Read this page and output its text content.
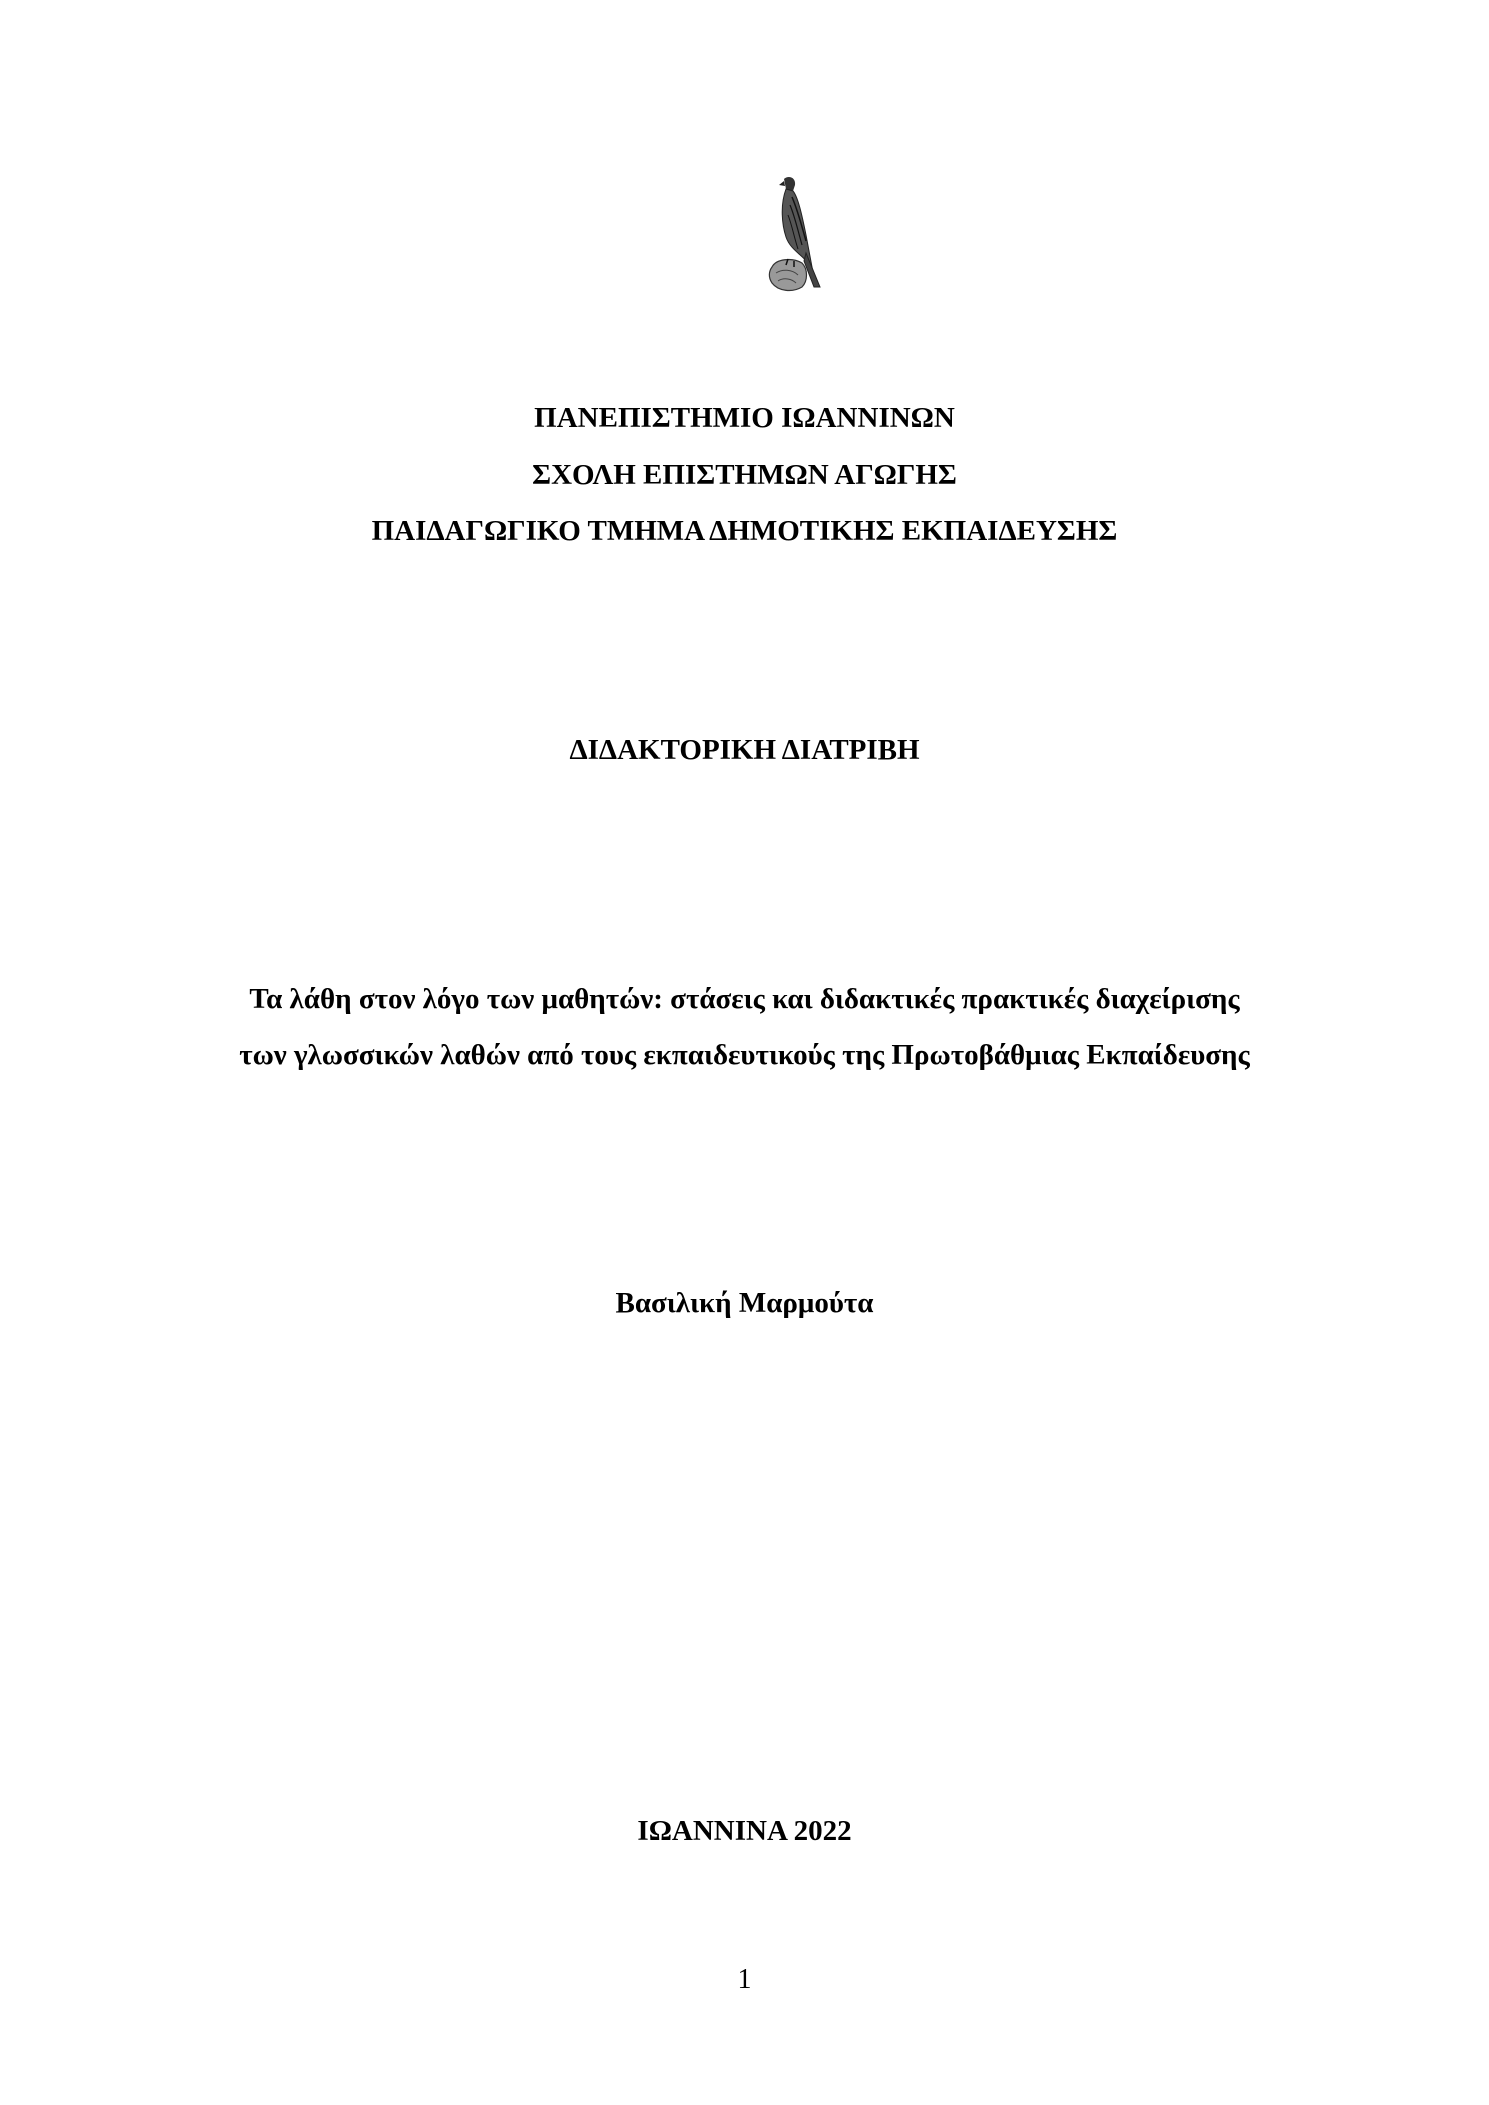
ΠΑΝΕΠΙΣΤΗΜΙΟ ΙΩΑΝΝΙΝΩΝ
ΣΧΟΛΗ ΕΠΙΣΤΗΜΩΝ ΑΓΩΓΗΣ
ΠΑΙΔΑΓΩΓΙΚΟ ΤΜΗΜΑ ΔΗΜΟΤΙΚΗΣ ΕΚΠΑΙΔΕΥΣΗΣ
ΔΙΔΑΚΤΟΡΙΚΗ ΔΙΑΤΡΙΒΗ
Τα λάθη στον λόγο των μαθητών: στάσεις και διδακτικές πρακτικές διαχείρισης
των γλωσσικών λαθών από τους εκπαιδευτικούς της Πρωτοβάθμιας Εκπαίδευσης
Βασιλική Μαρμούτα
ΙΩΑΝΝΙΝΑ 2022
1
